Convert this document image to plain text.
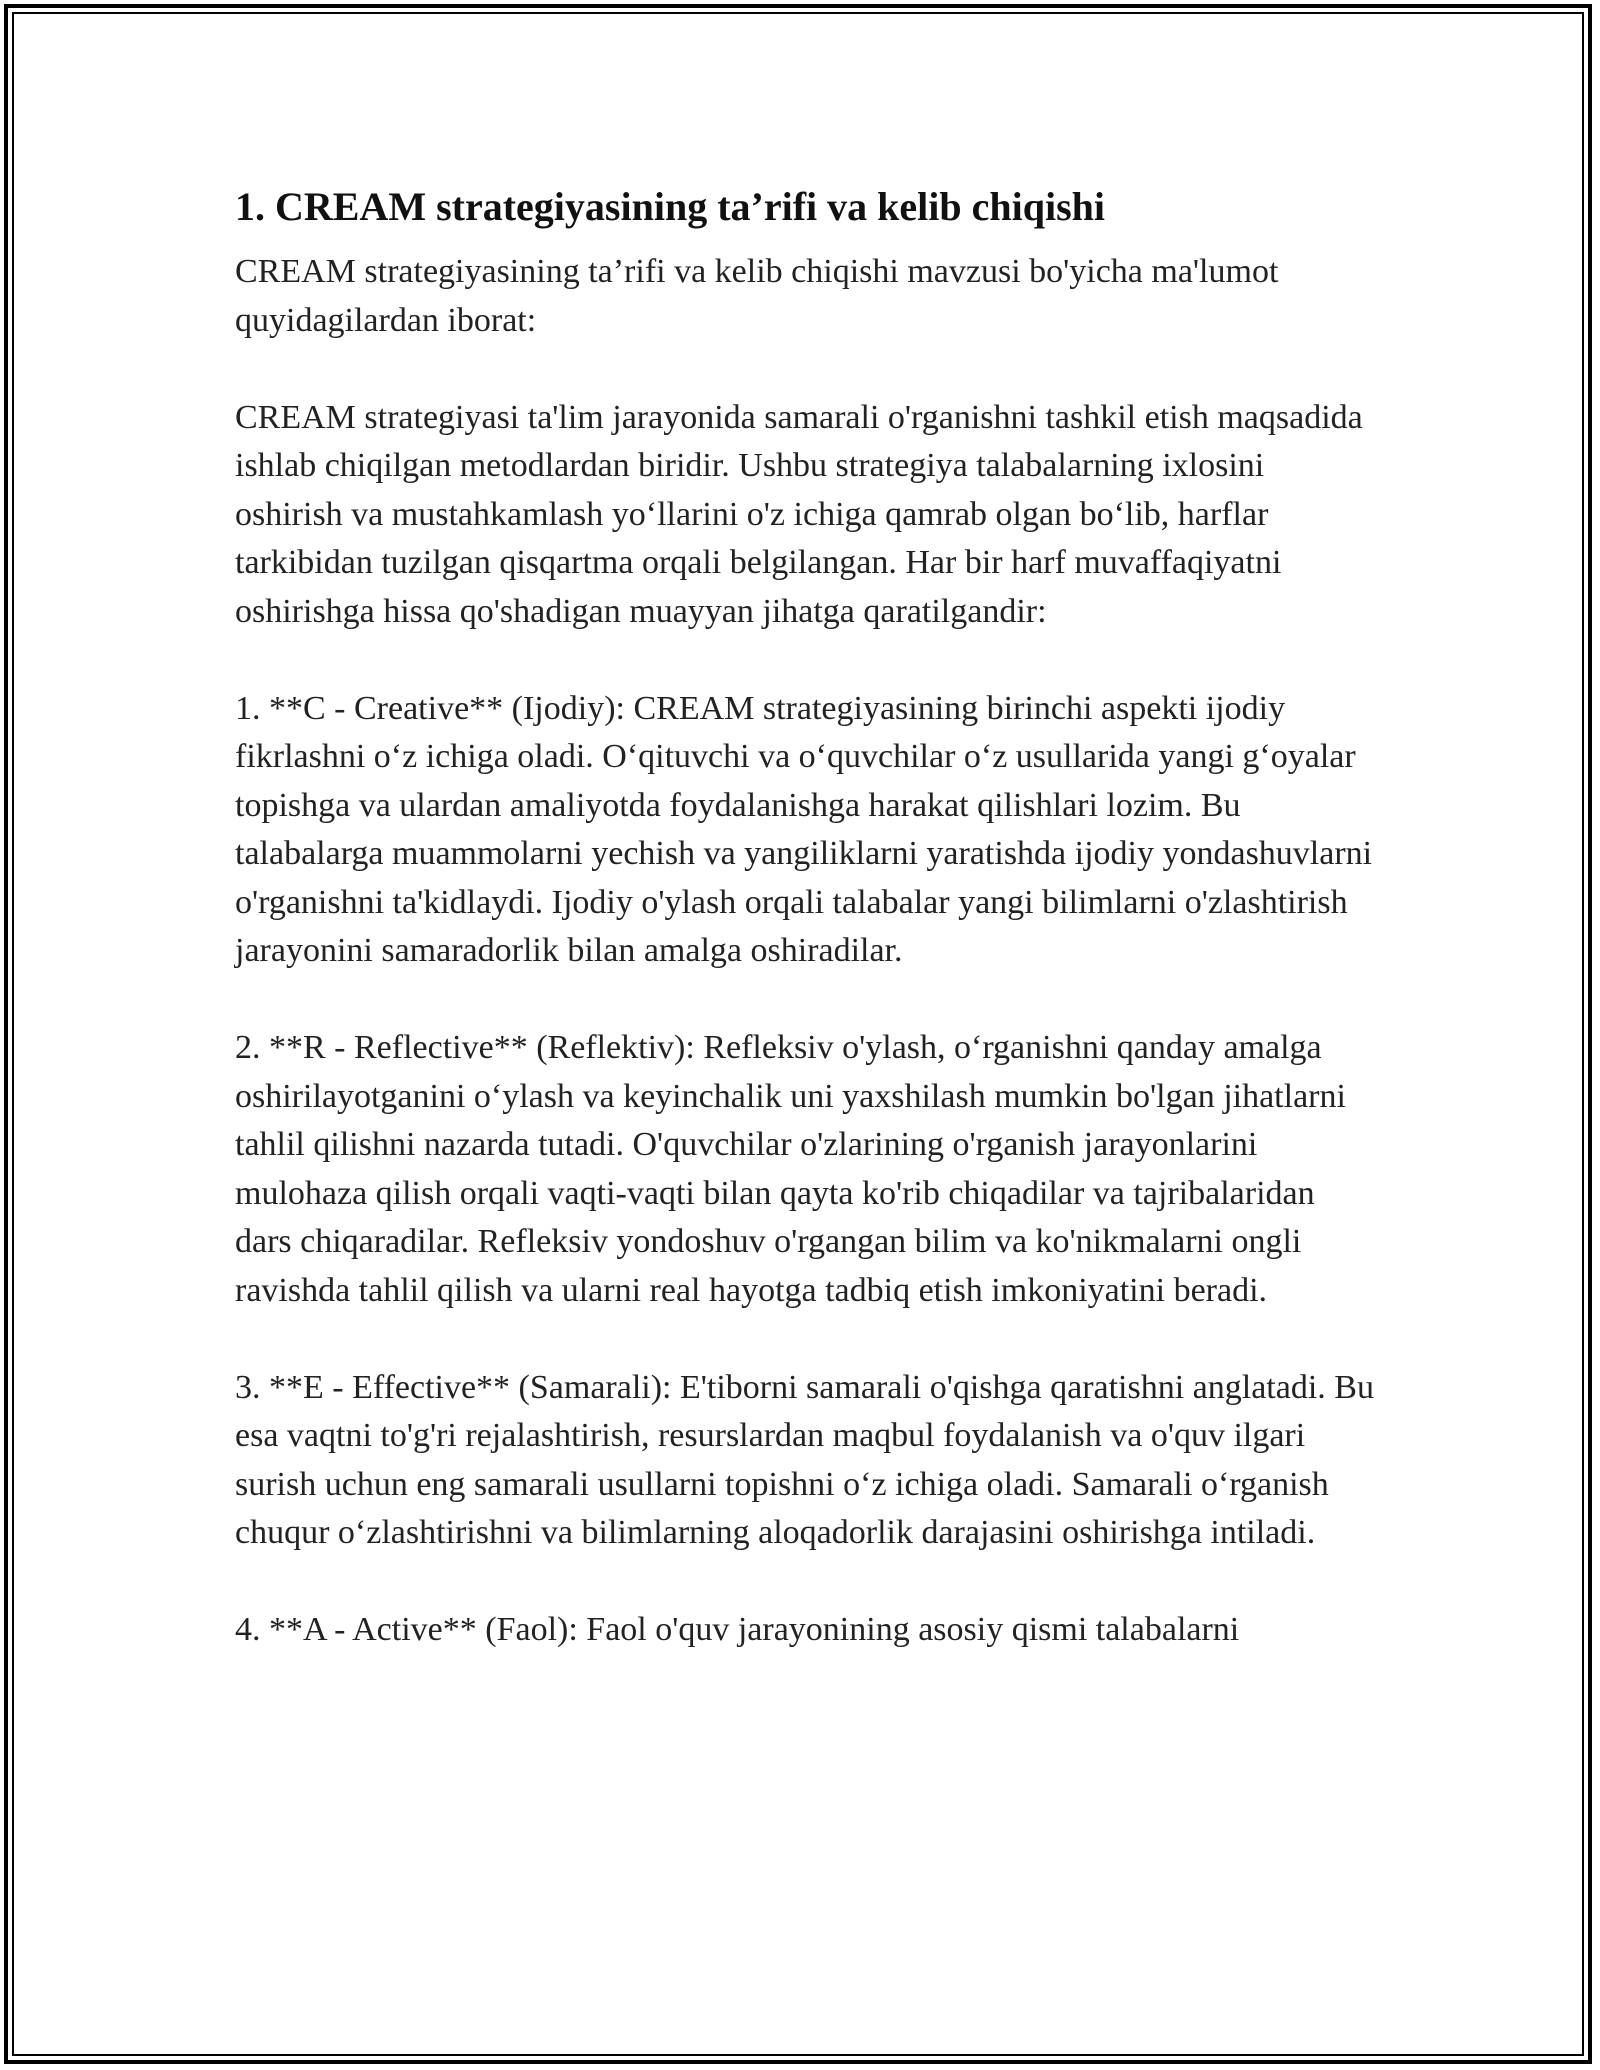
1. CREAM strategiyasining ta’rifi va kelib chiqishi

CREAM strategiyasining ta’rifi va kelib chiqishi mavzusi bo'yicha ma'lumot quyidagilardan iborat:

CREAM strategiyasi ta'lim jarayonida samarali o'rganishni tashkil etish maqsadida ishlab chiqilgan metodlardan biridir. Ushbu strategiya talabalarning ixlosini oshirish va mustahkamlash yo‘llarini o'z ichiga qamrab olgan bo‘lib, harflar tarkibidan tuzilgan qisqartma orqali belgilangan. Har bir harf muvaffaqiyatni oshirishga hissa qo'shadigan muayyan jihatga qaratilgandir:

1. **C - Creative** (Ijodiy): CREAM strategiyasining birinchi aspekti ijodiy fikrlashni o‘z ichiga oladi. O‘qituvchi va o‘quvchilar o‘z usullarida yangi g‘oyalar topishga va ulardan amaliyotda foydalanishga harakat qilishlari lozim. Bu talabalarga muammolarni yechish va yangiliklarni yaratishda ijodiy yondashuvlarni o'rganishni ta'kidlaydi. Ijodiy o'ylash orqali talabalar yangi bilimlarni o'zlashtirish jarayonini samaradorlik bilan amalga oshiradilar.

2. **R - Reflective** (Reflektiv): Refleksiv o'ylash, o‘rganishni qanday amalga oshirilayotganini o‘ylash va keyinchalik uni yaxshilash mumkin bo'lgan jihatlarni tahlil qilishni nazarda tutadi. O'quvchilar o'zlarining o'rganish jarayonlarini mulohaza qilish orqali vaqti-vaqti bilan qayta ko'rib chiqadilar va tajribalaridan dars chiqaradilar. Refleksiv yondoshuv o'rgangan bilim va ko'nikmalarni ongli ravishda tahlil qilish va ularni real hayotga tadbiq etish imkoniyatini beradi.

3. **E - Effective** (Samarali): E'tiborni samarali o'qishga qaratishni anglatadi. Bu esa vaqtni to'g'ri rejalashtirish, resurslardan maqbul foydalanish va o'quv ilgari surish uchun eng samarali usullarni topishni o‘z ichiga oladi. Samarali o‘rganish chuqur o‘zlashtirishni va bilimlarning aloqadorlik darajasini oshirishga intiladi.

4. **A - Active** (Faol): Faol o'quv jarayonining asosiy qismi talabalarni
